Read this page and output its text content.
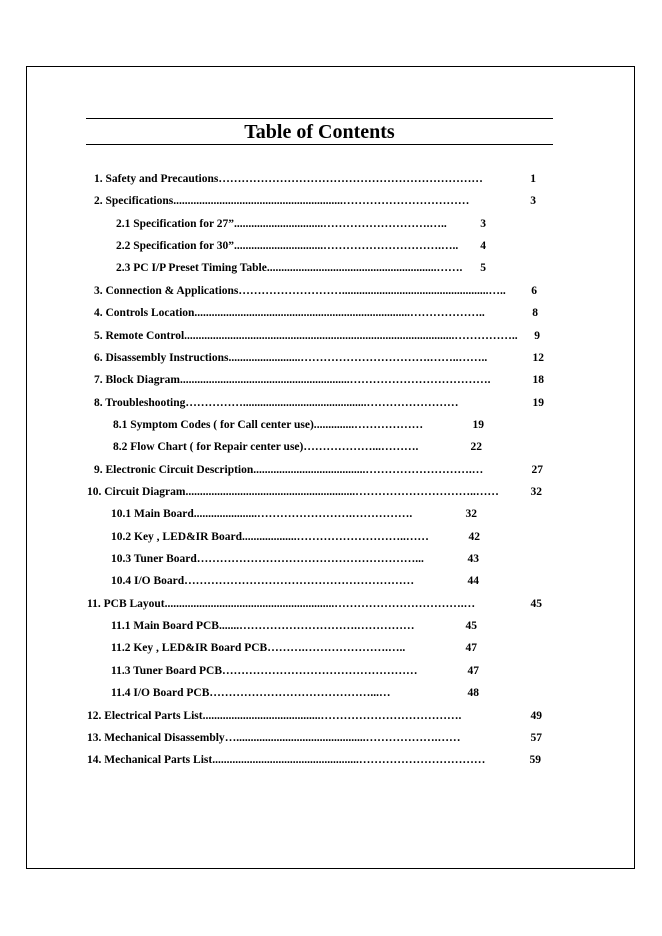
Table of Contents
1. Safety and Precautions ……………………………………………………………	1
2. Specifications ...........................................................……………………………	3
2.1 Specification for 27” ...............................……………………….…..	3
2.2 Specification for 30” ...............................………………………….…..	4
2.3 PC I/P Preset Timing Table ...........................................................…….	5
3. Connection & Applications ………………………...................................................…..	6
4. Controls Location ...........................................................................………………..	8
5. Remote Control ..............................................................................................……………..	9
6. Disassembly Instructions .........................…………………………….……..……..	12
7. Block Diagram ...........................................................……………………………….	18
8. Troubleshooting ……………...........................................……………………	19
8.1 Symptom Codes ( for Call center use). .............………………	19
8.2 Flow Chart ( for Repair center use) ………………...……….	22
9. Electronic Circuit Description .......................................……………………….…	27
10. Circuit Diagram ...........................................................…………………………..……	32
10.1 Main Board ......................…………………….…………….	32
10.2 Key , LED&IR Board ...................………………………..……	42
10.3 Tuner Board …………………………………………………...	43
10.4 I/O Board ……………………………………………………	44
11. PCB Layout ...........................................................…………………………….…	45
11.1 Main Board PCB .......………………………….……………	45
11.2 Key , LED&IR Board PCB ……….………………….…..	47
11.3 Tuner Board PCB ……………………………………………	47
11.4 I/O Board PCB ……………………………………...…	48
12. Electrical Parts List .........................................……………………………….	49
13. Mechanical Disassembly ….............................................……………….……	57
14. Mechanical Parts List ...................................................……………………………	59
